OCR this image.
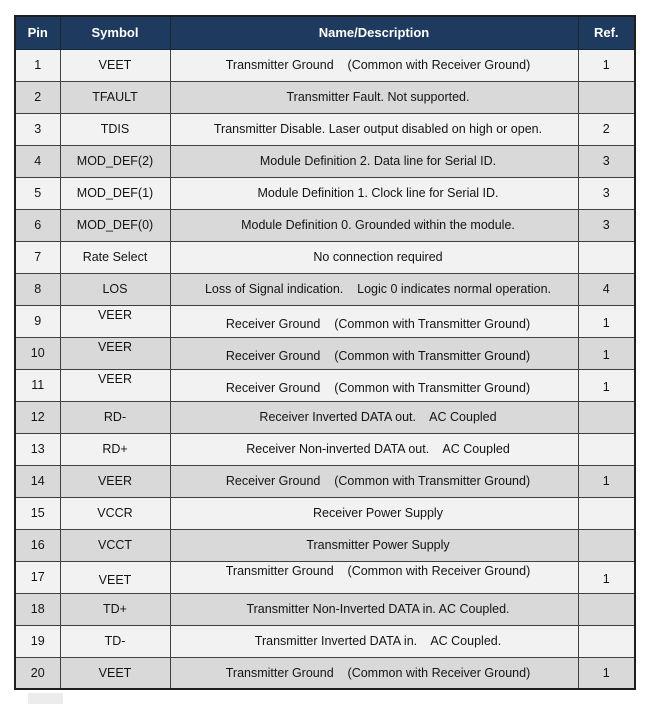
Pin	Symbol	Name/Description	Ref.
1	VEET	Transmitter Ground    (Common with Receiver Ground)	1
2	TFAULT	Transmitter Fault. Not supported.	
3	TDIS	Transmitter Disable. Laser output disabled on high or open.	2
4	MOD_DEF(2)	Module Definition 2. Data line for Serial ID.	3
5	MOD_DEF(1)	Module Definition 1. Clock line for Serial ID.	3
6	MOD_DEF(0)	Module Definition 0. Grounded within the module.	3
7	Rate Select	No connection required	
8	LOS	Loss of Signal indication.    Logic 0 indicates normal operation.	4
9	VEER	Receiver Ground    (Common with Transmitter Ground)	1
10	VEER	Receiver Ground    (Common with Transmitter Ground)	1
11	VEER	Receiver Ground    (Common with Transmitter Ground)	1
12	RD-	Receiver Inverted DATA out.    AC Coupled	
13	RD+	Receiver Non-inverted DATA out.    AC Coupled	
14	VEER	Receiver Ground    (Common with Transmitter Ground)	1
15	VCCR	Receiver Power Supply	
16	VCCT	Transmitter Power Supply	
17	VEET	Transmitter Ground    (Common with Receiver Ground)	1
18	TD+	Transmitter Non-Inverted DATA in. AC Coupled.	
19	TD-	Transmitter Inverted DATA in.    AC Coupled.	
20	VEET	Transmitter Ground    (Common with Receiver Ground)	1
